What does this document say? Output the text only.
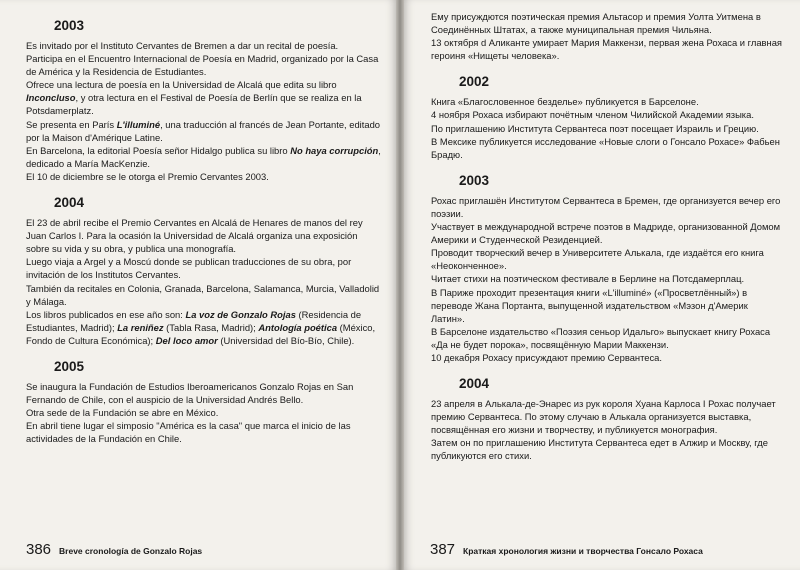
2003

Es invitado por el Instituto Cervantes de Bremen a dar un recital de poesía.

Participa en el Encuentro Internacional de Poesía en Madrid, organizado por la Casa de América y la Residencia de Estudiantes.

Ofrece una lectura de poesía en la Universidad de Alcalá que edita su libro Inconcluso, y otra lectura en el Festival de Poesía de Berlín que se realiza en la Potsdamerplatz.

Se presenta en París L'illuminé, una traducción al francés de Jean Portante, editado por la Maison d'Amérique Latine.

En Barcelona, la editorial Poesía señor Hidalgo publica su libro No haya corrupción, dedicado a María MacKenzie.

El 10 de diciembre se le otorga el Premio Cervantes 2003.

2004

El 23 de abril recibe el Premio Cervantes en Alcalá de Henares de manos del rey Juan Carlos I. Para la ocasión la Universidad de Alcalá organiza una exposición sobre su vida y su obra, y publica una monografía.

Luego viaja a Argel y a Moscú donde se publican traducciones de su obra, por invitación de los Institutos Cervantes.

También da recitales en Colonia, Granada, Barcelona, Salamanca, Murcia, Valladolid y Málaga.

Los libros publicados en ese año son: La voz de Gonzalo Rojas (Residencia de Estudiantes, Madrid); La reniñez (Tabla Rasa, Madrid); Antología poética (México, Fondo de Cultura Económica); Del loco amor (Universidad del Bío-Bío, Chile).

2005

Se inaugura la Fundación de Estudios Iberoamericanos Gonzalo Rojas en San Fernando de Chile, con el auspicio de la Universidad Andrés Bello.

Otra sede de la Fundación se abre en México.

En abril tiene lugar el simposio "América es la casa" que marca el inicio de las actividades de la Fundación en Chile.

386 Breve cronología de Gonzalo Rojas

Ему присуждются поэтическая премия Альтасор и премия Уолта Уитмена в Соединённых Штатах, а также муниципальная премия Чильяна.

13 октября d Аликанте умирает Мария Маккензи, первая жена Рохаса и главная героиня «Нищеты человека».

2002

Книга «Благословенное безделье» публикуется в Барселоне.

4 ноября Рохаса избирают почётным членом Чилийской Академии языка.

По приглашению Института Сервантеса поэт посещает Израиль и Грецию.

В Мексике публикуется исследование «Новые слоги о Гонсало Рохасе» Фабьен Брадю.

2003

Рохас приглашён Институтом Сервантеса в Бремен, где организуется вечер его поэзии.

Участвует в международной встрече поэтов в Мадриде, организованной Домом Америки и Студенческой Резиденцией.

Проводит творческий вечер в Университете Алькала, где издаётся его книга «Неоконченное».

Читает стихи на поэтическом фестивале в Берлине на Потсдамерплац.

В Париже проходит презентация книги «L'illuminé» («Просветлённый») в переводе Жана Портанта, выпущенной издательством «Мэзон д'Америк Латин».

В Барселоне издательство «Поэзия сеньор Идальго» выпускает книгу Рохаса «Да не будет порока», посвящённую Марии Маккензи.

10 декабря Рохасу присуждают премию Сервантеса.

2004

23 апреля в Алькала-де-Энарес из рук короля Хуана Карлоса I Рохас получает премию Сервантеса. По этому случаю в Алькала организуется выставка, посвящённая его жизни и творчеству, и публикуется монография.

Затем он по приглашению Института Сервантеса едет в Алжир и Москву, где публикуются его стихи.

387 Краткая хронология жизни и творчества Гонсало Рохаса
